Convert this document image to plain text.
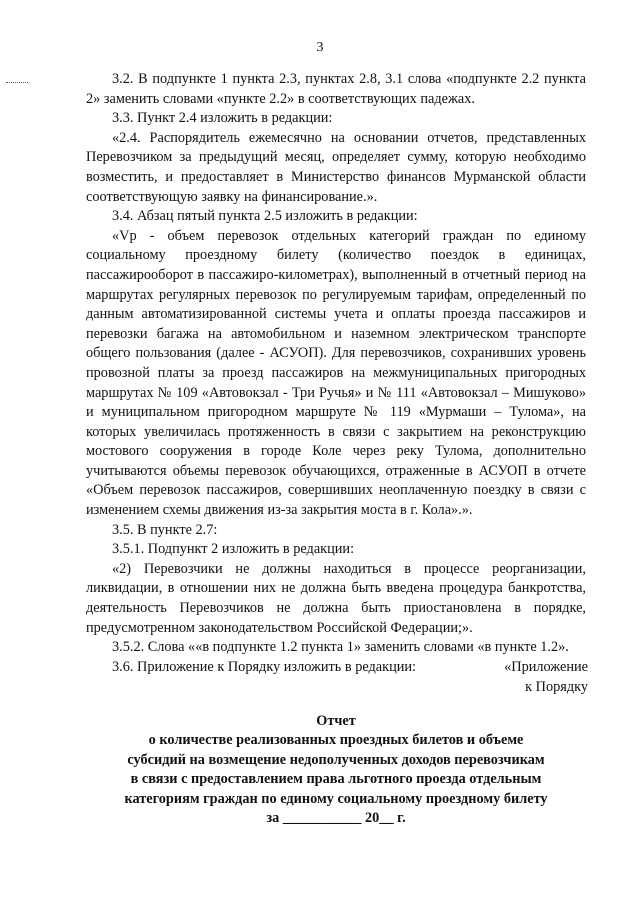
3

3.2. В подпункте 1 пункта 2.3, пунктах 2.8, 3.1 слова «подпункте 2.2 пункта 2» заменить словами «пункте 2.2» в соответствующих падежах.

3.3. Пункт 2.4 изложить в редакции:

«2.4. Распорядитель ежемесячно на основании отчетов, представленных Перевозчиком за предыдущий месяц, определяет сумму, которую необходимо возместить, и предоставляет в Министерство финансов Мурманской области соответствующую заявку на финансирование.».

3.4. Абзац пятый пункта 2.5 изложить в редакции:

«Vp - объем перевозок отдельных категорий граждан по единому социальному проездному билету (количество поездок в единицах, пассажирооборот в пассажиро-километрах), выполненный в отчетный период на маршрутах регулярных перевозок по регулируемым тарифам, определенный по данным автоматизированной системы учета и оплаты проезда пассажиров и перевозки багажа на автомобильном и наземном электрическом транспорте общего пользования (далее - АСУОП). Для перевозчиков, сохранивших уровень провозной платы за проезд пассажиров на межмуниципальных пригородных маршрутах № 109 «Автовокзал - Три Ручья» и № 111 «Автовокзал – Мишуково» и муниципальном пригородном маршруте № 119 «Мурмаши – Тулома», на которых увеличилась протяженность в связи с закрытием на реконструкцию мостового сооружения в городе Коле через реку Тулома, дополнительно учитываются объемы перевозок обучающихся, отраженные в АСУОП в отчете «Объем перевозок пассажиров, совершивших неоплаченную поездку в связи с изменением схемы движения из-за закрытия моста в г. Кола».».

3.5. В пункте 2.7:

3.5.1. Подпункт 2 изложить в редакции:

«2) Перевозчики не должны находиться в процессе реорганизации, ликвидации, в отношении них не должна быть введена процедура банкротства, деятельность Перевозчиков не должна быть приостановлена в порядке, предусмотренном законодательством Российской Федерации;».

3.5.2. Слова ««в подпункте 1.2 пункта 1» заменить словами «в пункте 1.2».

3.6. Приложение к Порядку изложить в редакции:	«Приложение
к Порядку
Отчет
о количестве реализованных проездных билетов и объеме
субсидий на возмещение недополученных доходов перевозчикам
в связи с предоставлением права льготного проезда отдельным
категориям граждан по единому социальному проездному билету
за ___________ 20__ г.
